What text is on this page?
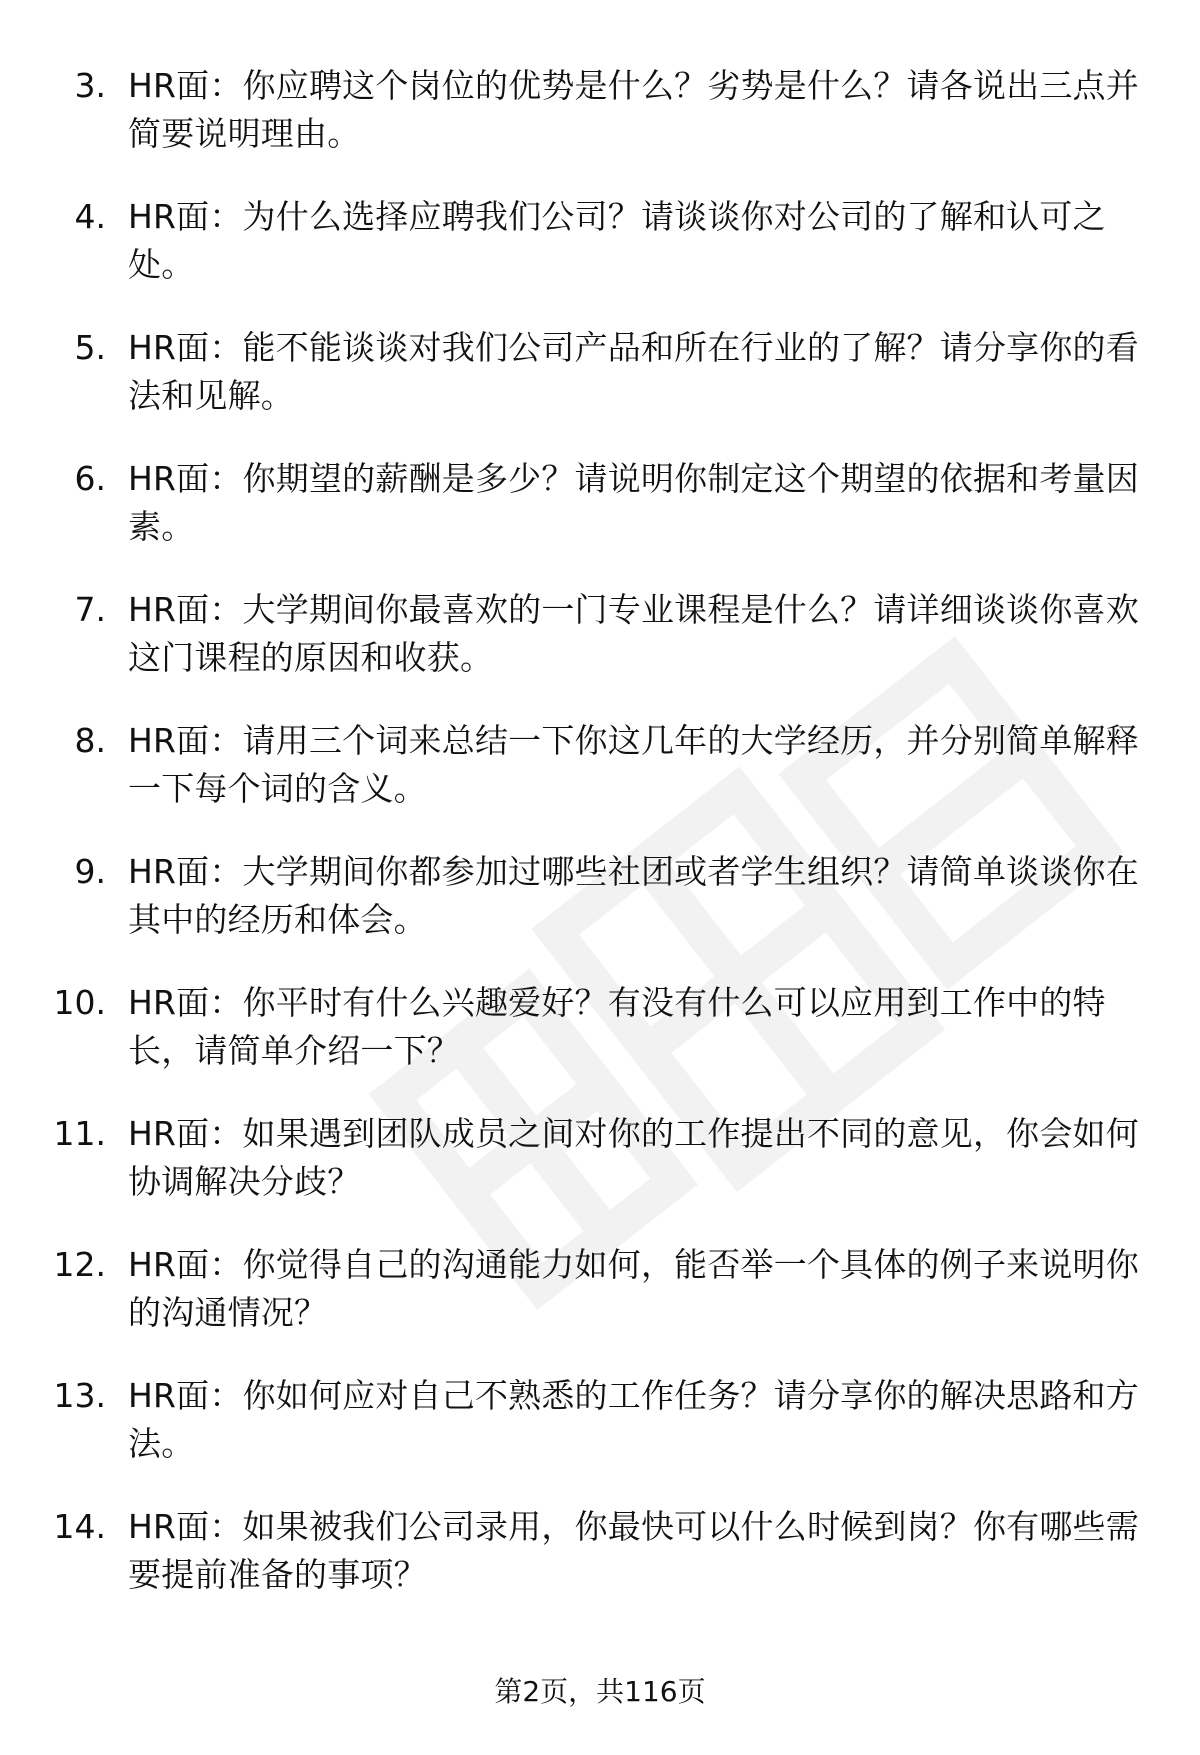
3. HR面：你应聘这个岗位的优势是什么？劣势是什么？请各说出三点并简要说明理由。
4. HR面：为什么选择应聘我们公司？请谈谈你对公司的了解和认可之处。
5. HR面：能不能谈谈对我们公司产品和所在行业的了解？请分享你的看法和见解。
6. HR面：你期望的薪酬是多少？请说明你制定这个期望的依据和考量因素。
7. HR面：大学期间你最喜欢的一门专业课程是什么？请详细谈谈你喜欢这门课程的原因和收获。
8. HR面：请用三个词来总结一下你这几年的大学经历，并分别简单解释一下每个词的含义。
9. HR面：大学期间你都参加过哪些社团或者学生组织？请简单谈谈你在其中的经历和体会。
10. HR面：你平时有什么兴趣爱好？有没有什么可以应用到工作中的特长，请简单介绍一下？
11. HR面：如果遇到团队成员之间对你的工作提出不同的意见，你会如何协调解决分歧？
12. HR面：你觉得自己的沟通能力如何，能否举一个具体的例子来说明你的沟通情况？
13. HR面：你如何应对自己不熟悉的工作任务？请分享你的解决思路和方法。
14. HR面：如果被我们公司录用，你最快可以什么时候到岗？你有哪些需要提前准备的事项？
第2页，共116页
